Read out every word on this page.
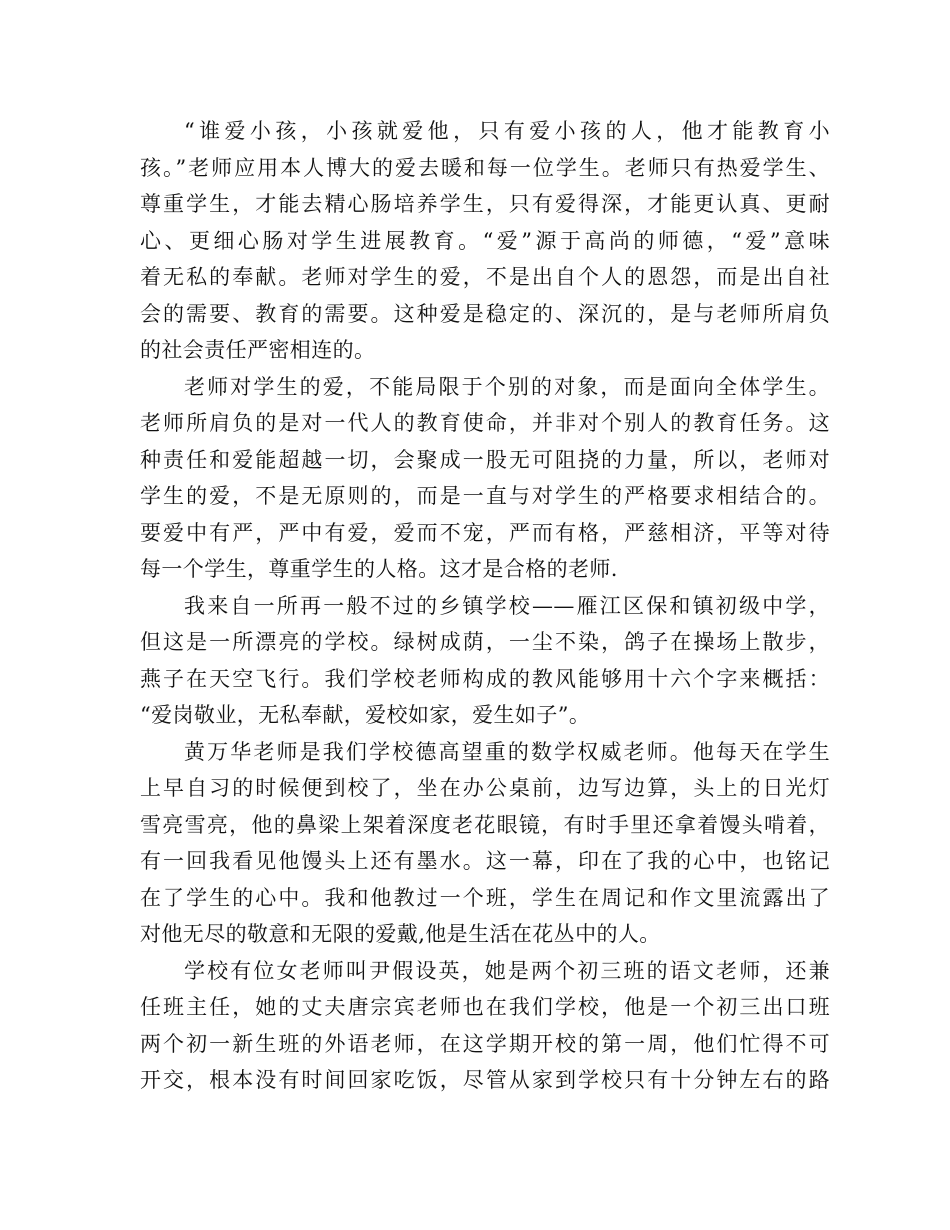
“谁爱小孩，小孩就爱他，只有爱小孩的人，他才能教育小
孩。”老师应用本人博大的爱去暖和每一位学生。老师只有热爱学生、
尊重学生，才能去精心肠培养学生，只有爱得深，才能更认真、更耐
心、更细心肠对学生进展教育。“爱”源于高尚的师德，“爱”意味
着无私的奉献。老师对学生的爱，不是出自个人的恩怨，而是出自社
会的需要、教育的需要。这种爱是稳定的、深沉的，是与老师所肩负
的社会责任严密相连的。
老师对学生的爱，不能局限于个别的对象，而是面向全体学生。
老师所肩负的是对一代人的教育使命，并非对个别人的教育任务。这
种责任和爱能超越一切，会聚成一股无可阻挠的力量，所以，老师对
学生的爱，不是无原则的，而是一直与对学生的严格要求相结合的。
要爱中有严，严中有爱，爱而不宠，严而有格，严慈相济，平等对待
每一个学生，尊重学生的人格。这才是合格的老师.
我来自一所再一般不过的乡镇学校——雁江区保和镇初级中学，
但这是一所漂亮的学校。绿树成荫，一尘不染，鸽子在操场上散步，
燕子在天空飞行。我们学校老师构成的教风能够用十六个字来概括：
“爱岗敬业，无私奉献，爱校如家，爱生如子”。
黄万华老师是我们学校德高望重的数学权威老师。他每天在学生
上早自习的时候便到校了，坐在办公桌前，边写边算，头上的日光灯
雪亮雪亮，他的鼻梁上架着深度老花眼镜，有时手里还拿着馒头啃着，
有一回我看见他馒头上还有墨水。这一幕，印在了我的心中，也铭记
在了学生的心中。我和他教过一个班，学生在周记和作文里流露出了
对他无尽的敬意和无限的爱戴,他是生活在花丛中的人。
学校有位女老师叫尹假设英，她是两个初三班的语文老师，还兼
任班主任，她的丈夫唐宗宾老师也在我们学校，他是一个初三出口班
两个初一新生班的外语老师，在这学期开校的第一周，他们忙得不可
开交，根本没有时间回家吃饭，尽管从家到学校只有十分钟左右的路
